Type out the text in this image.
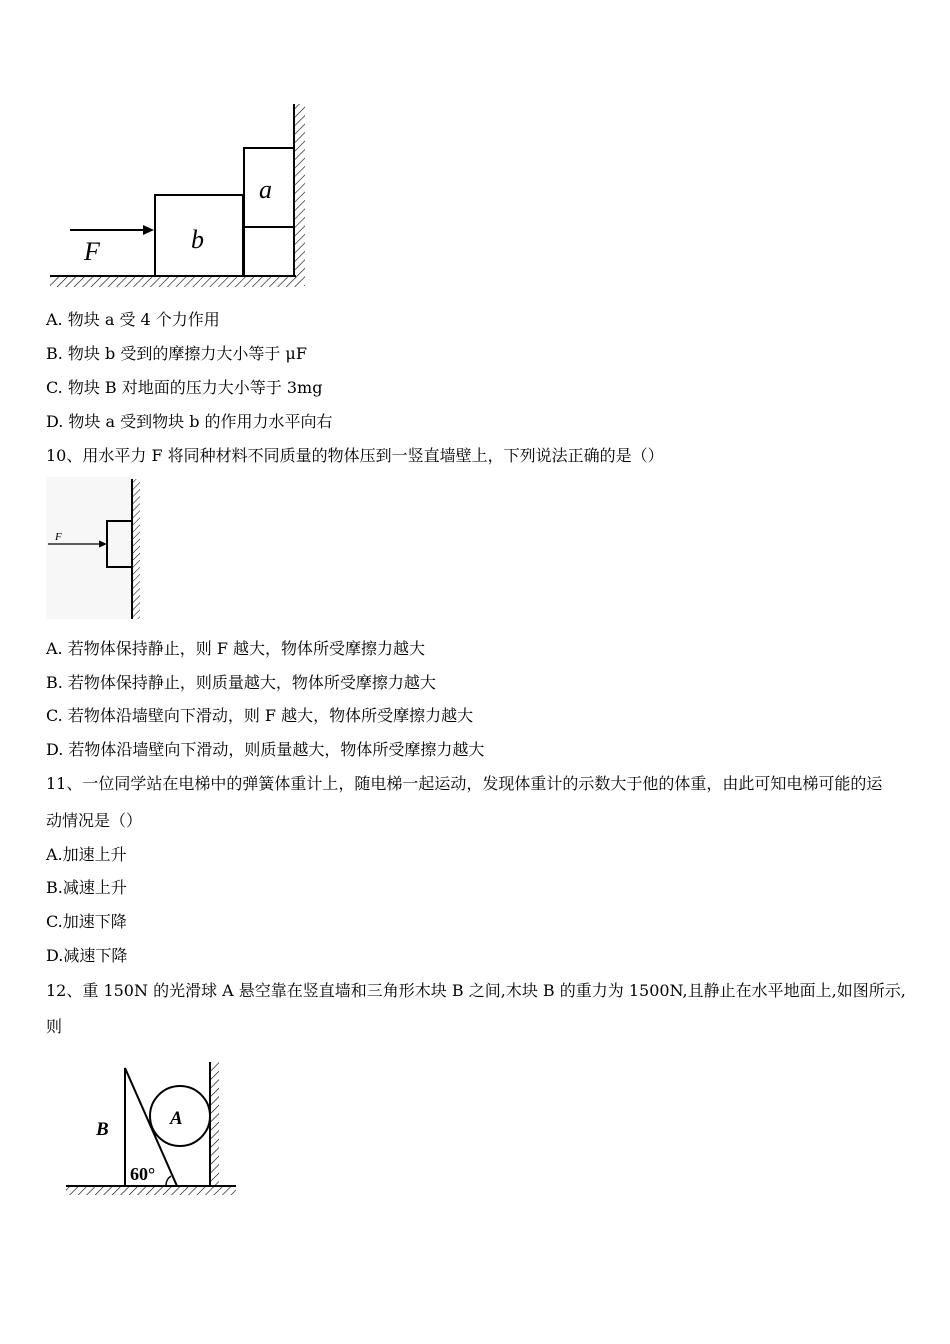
F	b
a
A. 物块 a 受 4 个力作用
B. 物块 b 受到的摩擦力大小等于 μF
C. 物块 B 对地面的压力大小等于 3mg
D. 物块 a 受到物块 b 的作用力水平向右
10、用水平力 F 将同种材料不同质量的物体压到一竖直墙壁上，下列说法正确的是（）
F
A. 若物体保持静止，则 F 越大，物体所受摩擦力越大
B. 若物体保持静止，则质量越大，物体所受摩擦力越大
C. 若物体沿墙壁向下滑动，则 F 越大，物体所受摩擦力越大
D. 若物体沿墙壁向下滑动，则质量越大，物体所受摩擦力越大
11、一位同学站在电梯中的弹簧体重计上，随电梯一起运动，发现体重计的示数大于他的体重，由此可知电梯可能的运
动情况是（）
A.加速上升
B.减速上升
C.加速下降
D.减速下降
12、重 150N 的光滑球 A 悬空靠在竖直墙和三角形木块 B 之间,木块 B 的重力为 1500N,且静止在水平地面上,如图所示,
则
B
A
60°
